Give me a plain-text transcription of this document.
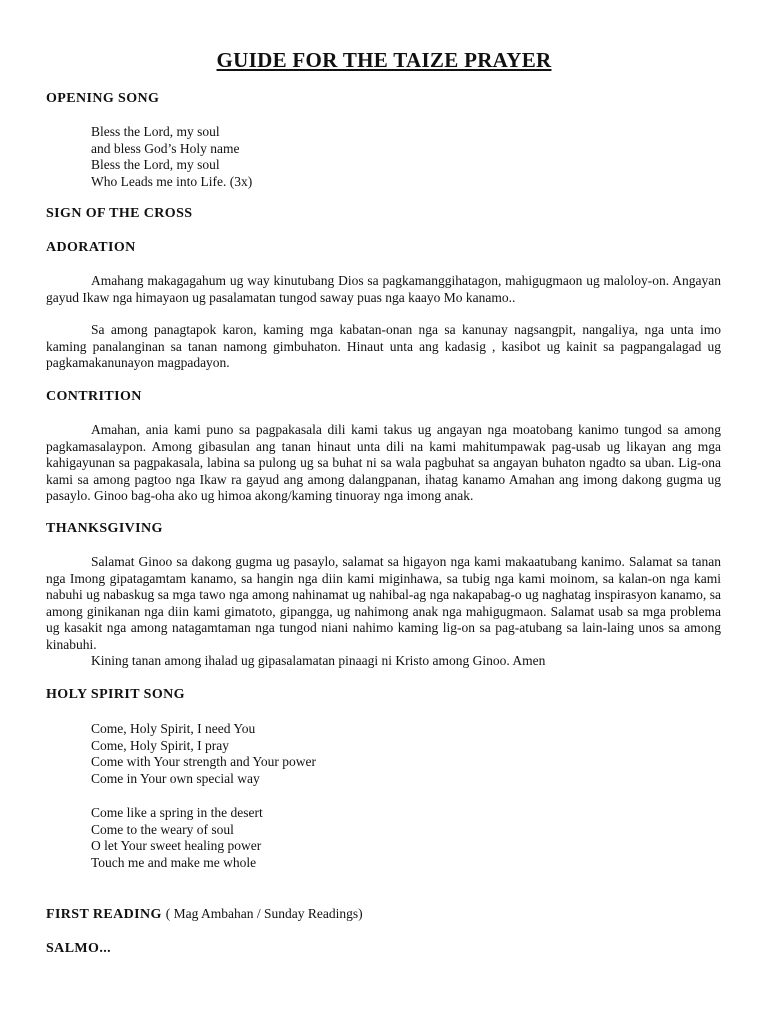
GUIDE FOR THE TAIZE PRAYER
OPENING SONG
Bless the Lord, my soul
and bless God’s Holy name
Bless the Lord, my soul
Who Leads me into Life. (3x)
SIGN OF THE CROSS
ADORATION
Amahang makagagahum ug way kinutubang Dios sa pagkamanggihatagon, mahigugmaon ug maloloy-on. Angayan gayud Ikaw nga himayaon ug pasalamatan tungod saway puas nga kaayo Mo kanamo..
Sa among panagtapok karon, kaming mga kabatan-onan nga sa kanunay nagsangpit, nangaliya, nga unta imo kaming panalanginan sa tanan namong gimbuhaton. Hinaut unta ang kadasig , kasibot ug kainit sa pagpangalagad ug pagkamakanunayon magpadayon.
CONTRITION
Amahan, ania kami puno sa pagpakasala dili kami takus ug angayan nga moatobang kanimo tungod sa among pagkamasalaypon. Among gibasulan ang tanan hinaut unta dili na kami mahitumpawak pag-usab ug likayan ang mga kahigayunan sa pagpakasala, labina sa pulong ug sa buhat ni sa wala pagbuhat sa angayan buhaton ngadto sa uban. Lig-ona kami sa among pagtoo nga Ikaw ra gayud ang among dalangpanan, ihatag kanamo Amahan ang imong dakong gugma ug pasaylo. Ginoo bag-oha ako ug himoa akong/kaming tinuoray nga imong anak.
THANKSGIVING
Salamat Ginoo sa dakong gugma ug pasaylo, salamat sa higayon nga kami makaatubang kanimo. Salamat sa tanan nga Imong gipatagamtam kanamo, sa hangin nga diin kami miginhawa, sa tubig nga kami moinom, sa kalan-on nga kami nabuhi ug nabaskug sa mga tawo nga among nahinamat ug nahibal-ag nga nakapabag-o ug naghatag inspirasyon kanamo, sa among ginikanan nga diin kami gimatoto, gipangga, ug nahimong anak nga mahigugmaon. Salamat usab sa mga problema ug kasakit nga among natagamtaman nga tungod niani nahimo kaming lig-on sa pag-atubang sa lain-laing unos sa among kinabuhi.
Kining tanan among ihalad ug gipasalamatan pinaagi ni Kristo among Ginoo. Amen
HOLY SPIRIT SONG
Come, Holy Spirit, I need You
Come, Holy Spirit, I pray
Come with Your strength and Your power
Come in Your own special way
Come like a spring in the desert
Come to the weary of soul
O let Your sweet healing power
Touch me and make me whole
FIRST READING ( Mag Ambahan / Sunday Readings)
SALMO...
